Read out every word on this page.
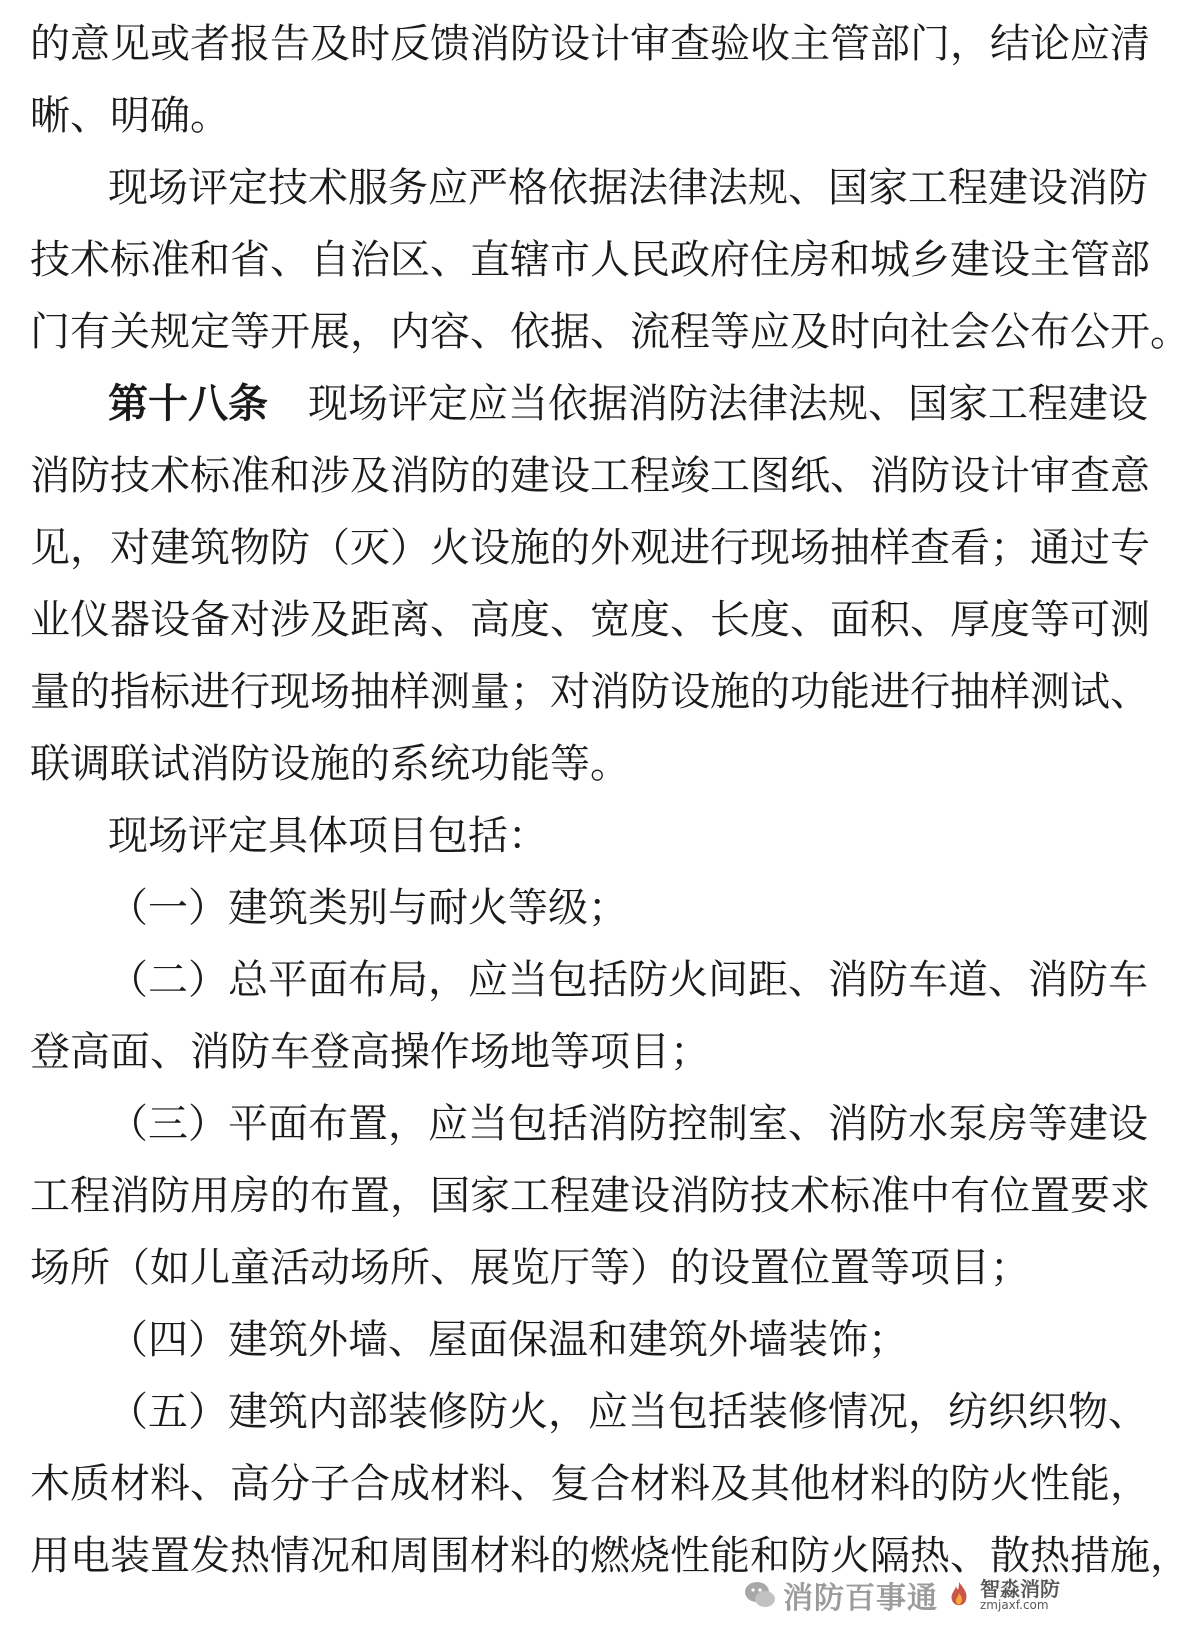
的意见或者报告及时反馈消防设计审查验收主管部门，结论应清
晰、明确。
现场评定技术服务应严格依据法律法规、国家工程建设消防
技术标准和省、自治区、直辖市人民政府住房和城乡建设主管部
门有关规定等开展，内容、依据、流程等应及时向社会公布公开。
第十八条　 现场评定应当依据消防法律法规、国家工程建设
消防技术标准和涉及消防的建设工程竣工图纸、消防设计审查意
见，对建筑物防（灭）火设施的外观进行现场抽样查看；通过专
业仪器设备对涉及距离、高度、宽度、长度、面积、厚度等可测
量的指标进行现场抽样测量；对消防设施的功能进行抽样测试、
联调联试消防设施的系统功能等。
现场评定具体项目包括：
（一）建筑类别与耐火等级；
（二）总平面布局，应当包括防火间距、消防车道、消防车
登高面、消防车登高操作场地等项目；
（三）平面布置，应当包括消防控制室、消防水泵房等建设
工程消防用房的布置，国家工程建设消防技术标准中有位置要求
场所（如儿童活动场所、展览厅等）的设置位置等项目；
（四）建筑外墙、屋面保温和建筑外墙装饰；
（五）建筑内部装修防火，应当包括装修情况，纺织织物、
木质材料、高分子合成材料、复合材料及其他材料的防火性能，
用电装置发热情况和周围材料的燃烧性能和防火隔热、散热措施，
消防百事通 智淼消防
zmjaxf.com
